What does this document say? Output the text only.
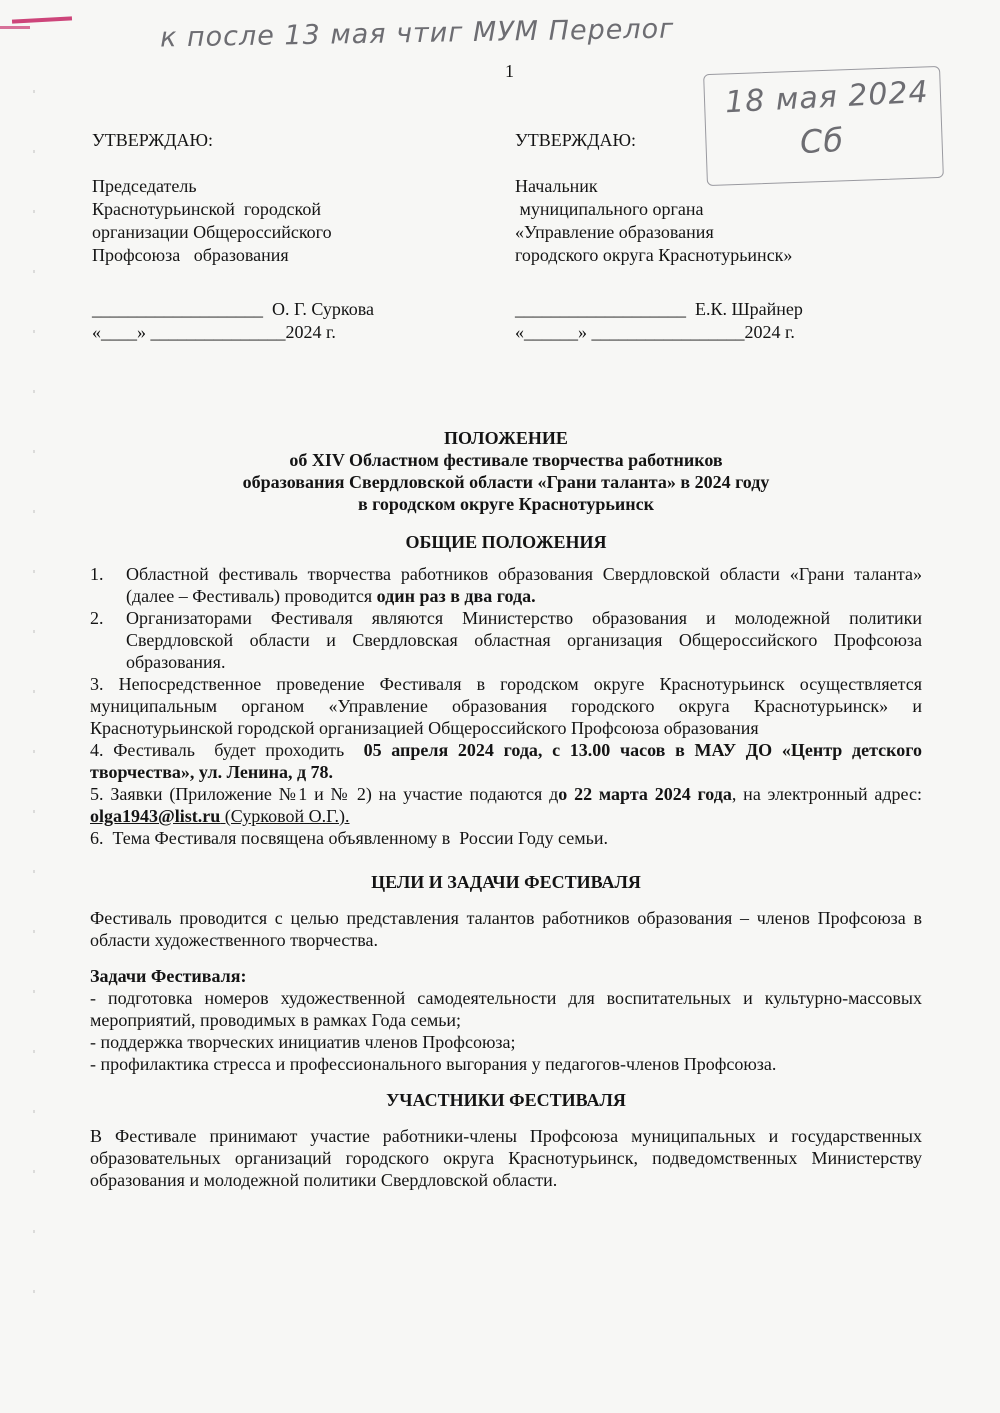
к после 13 мая чтиг МУМ Перелог
18 мая 2024
Сб
1
УТВЕРЖДАЮ:
Председатель
Краснотурьинской  городской
организации Общероссийского
Профсоюза   образования
___________________  О. Г. Суркова
«____» _______________2024 г.
УТВЕРЖДАЮ:
Начальник
муниципального органа
«Управление образования
городского округа Краснотурьинск»
___________________  Е.К. Шрайнер
«______» _________________2024 г.
ПОЛОЖЕНИЕ
об XIV Областном фестивале творчества работников
образования Свердловской области «Грани таланта» в 2024 году
в городском округе Краснотурьинск
ОБЩИЕ ПОЛОЖЕНИЯ
1.	Областной фестиваль творчества работников образования Свердловской области «Грани таланта» (далее – Фестиваль) проводится один раз в два года.
2.	Организаторами Фестиваля являются Министерство образования и молодежной политики Свердловской области и Свердловская областная организация Общероссийского Профсоюза образования.

3. Непосредственное проведение Фестиваля в городском округе Краснотурьинск осуществляется муниципальным органом «Управление образования городского округа Краснотурьинск» и Краснотурьинской городской организацией Общероссийского Профсоюза образования

4. Фестиваль  будет проходить  05 апреля 2024 года, с 13.00 часов в МАУ ДО «Центр детского творчества», ул. Ленина, д 78.

5. Заявки (Приложение №1 и № 2) на участие подаются до 22 марта 2024 года, на электронный адрес: olga1943@list.ru (Сурковой О.Г.).

6.  Тема Фестиваля посвящена объявленному в  России Году семьи.

ЦЕЛИ И ЗАДАЧИ ФЕСТИВАЛЯ

Фестиваль проводится с целью представления талантов работников образования – членов Профсоюза в области художественного творчества.

Задачи Фестиваля:

- подготовка номеров художественной самодеятельности для воспитательных и культурно-массовых мероприятий, проводимых в рамках Года семьи;

- поддержка творческих инициатив членов Профсоюза;

- профилактика стресса и профессионального выгорания у педагогов-членов Профсоюза.

УЧАСТНИКИ ФЕСТИВАЛЯ

В Фестивале принимают участие работники-члены Профсоюза муниципальных и государственных образовательных организаций городского округа Краснотурьинск, подведомственных Министерству образования и молодежной политики Свердловской области.
